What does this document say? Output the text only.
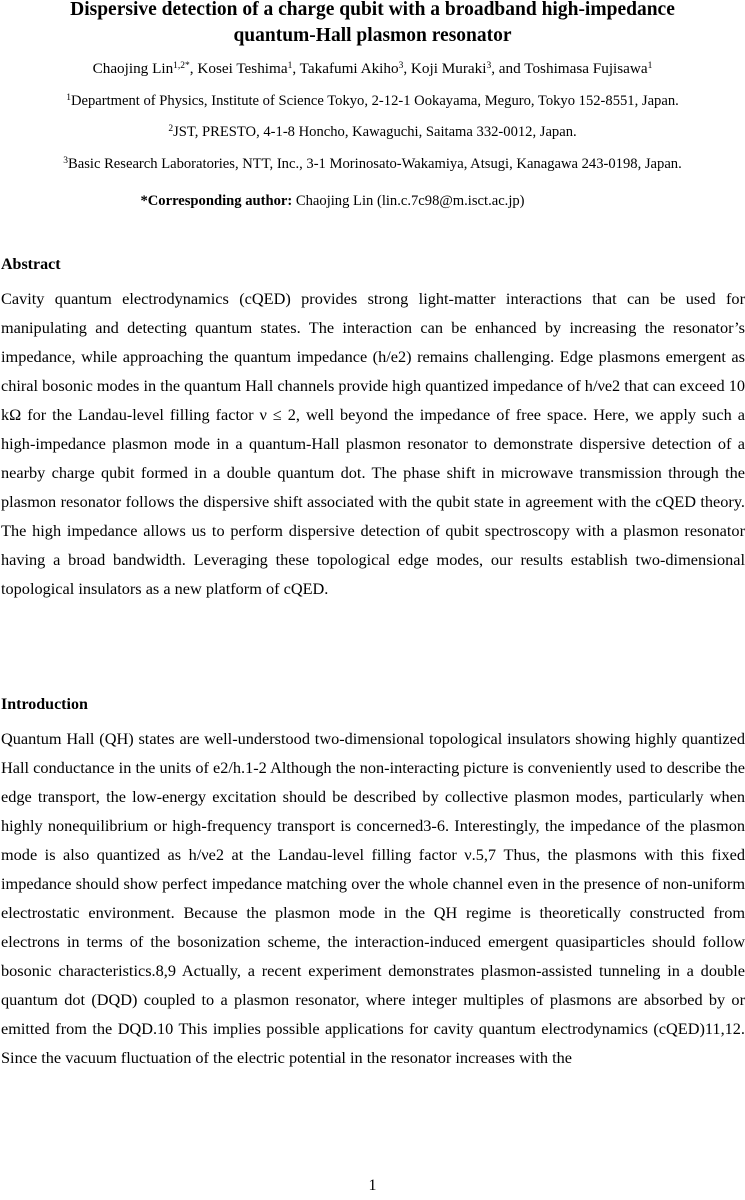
Dispersive detection of a charge qubit with a broadband high-impedance
quantum-Hall plasmon resonator
Chaojing Lin$^{1,2*}$, Kosei Teshima$^1$, Takafumi Akiho$^3$, Koji Muraki$^3$, and Toshimasa Fujisawa$^1$
$^1$Department of Physics, Institute of Science Tokyo, 2-12-1 Ookayama, Meguro, Tokyo 152-8551, Japan.
$^2$JST, PRESTO, 4-1-8 Honcho, Kawaguchi, Saitama 332-0012, Japan.
$^3$Basic Research Laboratories, NTT, Inc., 3-1 Morinosato-Wakamiya, Atsugi, Kanagawa 243-0198, Japan.
*Corresponding author: Chaojing Lin (lin.c.7c98@m.isct.ac.jp)
Abstract

Cavity quantum electrodynamics (cQED) provides strong light-matter interactions that can be used for manipulating and detecting quantum states. The interaction can be enhanced by increasing the resonator’s impedance, while approaching the quantum impedance (h/e2) remains challenging. Edge plasmons emergent as chiral bosonic modes in the quantum Hall channels provide high quantized impedance of h/νe2 that can exceed 10 kΩ for the Landau-level filling factor ν ≤ 2, well beyond the impedance of free space. Here, we apply such a high-impedance plasmon mode in a quantum-Hall plasmon resonator to demonstrate dispersive detection of a nearby charge qubit formed in a double quantum dot. The phase shift in microwave transmission through the plasmon resonator follows the dispersive shift associated with the qubit state in agreement with the cQED theory. The high impedance allows us to perform dispersive detection of qubit spectroscopy with a plasmon resonator having a broad bandwidth. Leveraging these topological edge modes, our results establish two-dimensional topological insulators as a new platform of cQED.

Introduction

Quantum Hall (QH) states are well-understood two-dimensional topological insulators showing highly quantized Hall conductance in the units of e2/h.1-2 Although the non-interacting picture is conveniently used to describe the edge transport, the low-energy excitation should be described by collective plasmon modes, particularly when highly nonequilibrium or high-frequency transport is concerned3-6. Interestingly, the impedance of the plasmon mode is also quantized as h/νe2 at the Landau-level filling factor ν.5,7 Thus, the plasmons with this fixed impedance should show perfect impedance matching over the whole channel even in the presence of non-uniform electrostatic environment. Because the plasmon mode in the QH regime is theoretically constructed from electrons in terms of the bosonization scheme, the interaction-induced emergent quasiparticles should follow bosonic characteristics.8,9 Actually, a recent experiment demonstrates plasmon-assisted tunneling in a double quantum dot (DQD) coupled to a plasmon resonator, where integer multiples of plasmons are absorbed by or emitted from the DQD.10 This implies possible applications for cavity quantum electrodynamics (cQED)11,12. Since the vacuum fluctuation of the electric potential in the resonator increases with the

1
